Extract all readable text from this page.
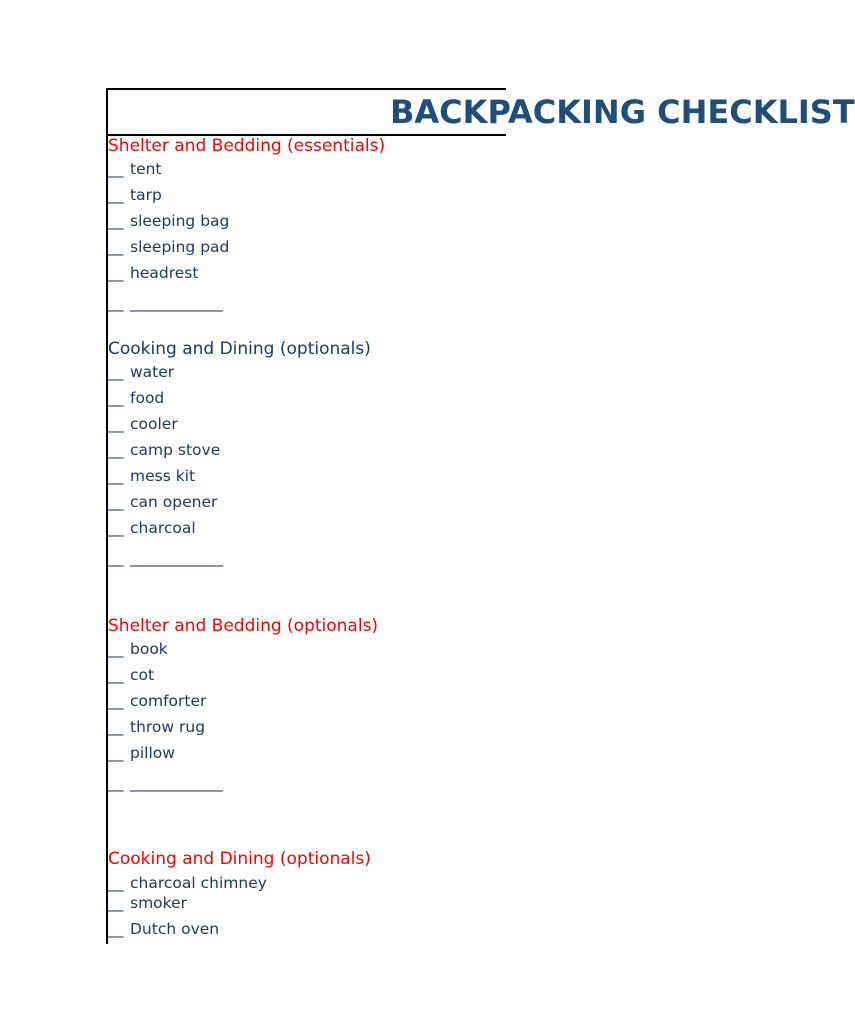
BACKPACKING CHECKLIST
Shelter and Bedding (essentials)
__ tent
__ tarp
__ sleeping bag
__ sleeping pad
__ headrest
__ ____________
Cooking and Dining (optionals)
__ water
__ food
__ cooler
__ camp stove
__ mess kit
__ can opener
__ charcoal
__ ____________
Shelter and Bedding (optionals)
__ book
__ cot
__ comforter
__ throw rug
__ pillow
__ ____________
Cooking and Dining (optionals)
__ charcoal chimney
__ smoker
__ Dutch oven
